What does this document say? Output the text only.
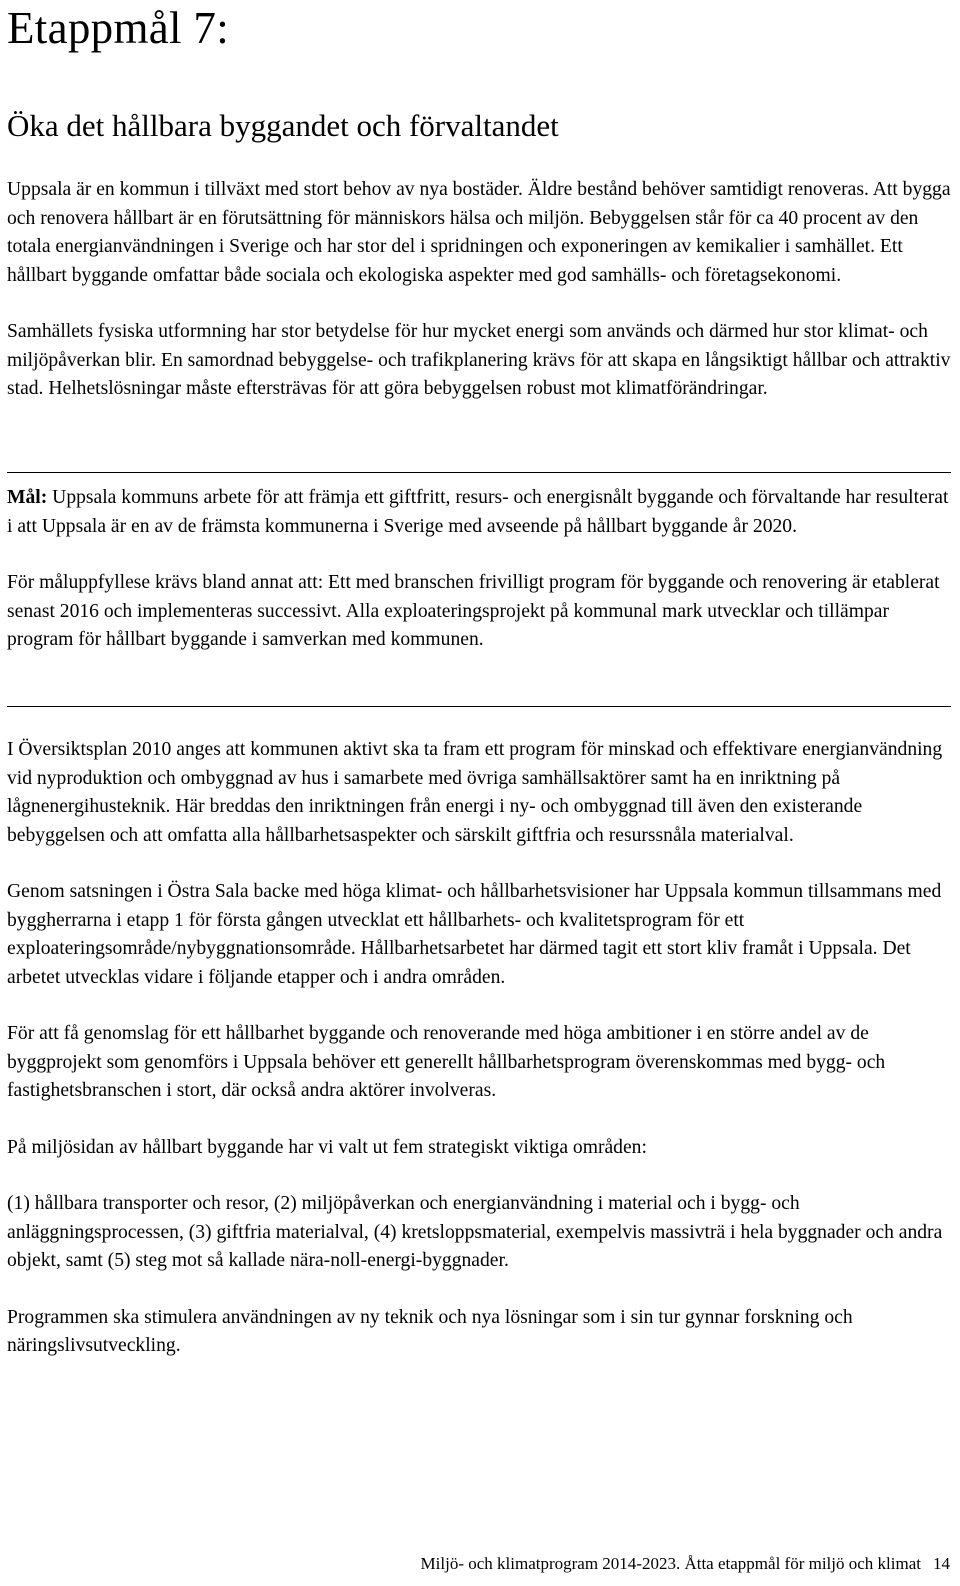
Etappmål 7:
Öka det hållbara byggandet och förvaltandet

Uppsala är en kommun i tillväxt med stort behov av nya bostäder. Äldre bestånd behöver samtidigt renoveras. Att bygga och renovera hållbart är en förutsättning för människors hälsa och miljön. Bebyggelsen står för ca 40 procent av den totala energianvändningen i Sverige och har stor del i spridningen och exponeringen av kemikalier i samhället. Ett hållbart byggande omfattar både sociala och ekologiska aspekter med god samhälls- och företagsekonomi.

Samhällets fysiska utformning har stor betydelse för hur mycket energi som används och därmed hur stor klimat- och miljöpåverkan blir. En samordnad bebyggelse- och trafikplanering krävs för att skapa en långsiktigt hållbar och attraktiv stad. Helhetslösningar måste eftersträvas för att göra bebyggelsen robust mot klimatförändringar.

Mål: Uppsala kommuns arbete för att främja ett giftfritt, resurs- och energisnålt byggande och förvaltande har resulterat i att Uppsala är en av de främsta kommunerna i Sverige med avseende på hållbart byggande år 2020.

För måluppfyllese krävs bland annat att: Ett med branschen frivilligt program för byggande och renovering är etablerat senast 2016 och implementeras successivt. Alla exploateringsprojekt på kommunal mark utvecklar och tillämpar program för hållbart byggande i samverkan med kommunen.

I Översiktsplan 2010 anges att kommunen aktivt ska ta fram ett program för minskad och effektivare energianvändning vid nyproduktion och ombyggnad av hus i samarbete med övriga samhällsaktörer samt ha en inriktning på lågnenergihusteknik. Här breddas den inriktningen från energi i ny- och ombyggnad till även den existerande bebyggelsen och att omfatta alla hållbarhetsaspekter och särskilt giftfria och resurssnåla materialval.

Genom satsningen i Östra Sala backe med höga klimat- och hållbarhetsvisioner har Uppsala kommun tillsammans med byggherrarna i etapp 1 för första gången utvecklat ett hållbarhets- och kvalitetsprogram för ett exploateringsområde/nybyggnationsområde. Hållbarhetsarbetet har därmed tagit ett stort kliv framåt i Uppsala. Det arbetet utvecklas vidare i följande etapper och i andra områden.

För att få genomslag för ett hållbarhet byggande och renoverande med höga ambitioner i en större andel av de byggprojekt som genomförs i Uppsala behöver ett generellt hållbarhetsprogram överenskommas med bygg- och fastighetsbranschen i stort, där också andra aktörer involveras.

På miljösidan av hållbart byggande har vi valt ut fem strategiskt viktiga områden:

(1) hållbara transporter och resor, (2) miljöpåverkan och energianvändning i material och i bygg- och anläggningsprocessen, (3) giftfria materialval, (4) kretsloppsmaterial, exempelvis massivträ i hela byggnader och andra objekt, samt (5) steg mot så kallade nära-noll-energi-byggnader.

Programmen ska stimulera användningen av ny teknik och nya lösningar som i sin tur gynnar forskning och näringslivsutveckling.

Miljö- och klimatprogram 2014-2023. Åtta etappmål för miljö och klimat 14
